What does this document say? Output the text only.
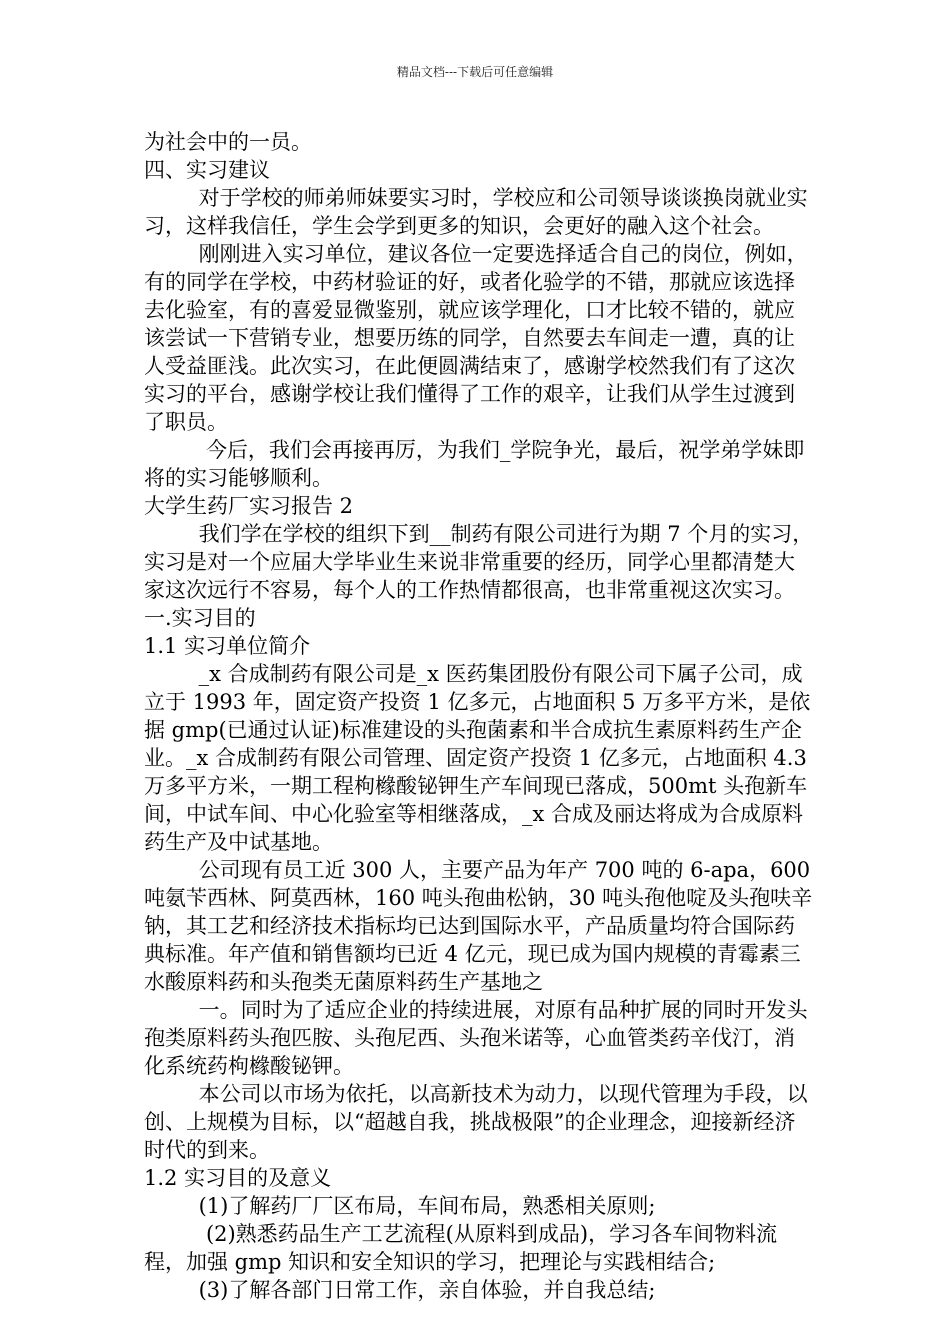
精品文档---下载后可任意编辑

为社会中的一员。

四、实习建议

对于学校的师弟师妹要实习时，学校应和公司领导谈谈换岗就业实习，这样我信任，学生会学到更多的知识，会更好的融入这个社会。

刚刚进入实习单位，建议各位一定要选择适合自己的岗位，例如，有的同学在学校，中药材验证的好，或者化验学的不错，那就应该选择去化验室，有的喜爱显微鉴别，就应该学理化，口才比较不错的，就应该尝试一下营销专业，想要历练的同学，自然要去车间走一遭，真的让人受益匪浅。此次实习，在此便圆满结束了，感谢学校然我们有了这次实习的平台，感谢学校让我们懂得了工作的艰辛，让我们从学生过渡到了职员。

今后，我们会再接再厉，为我们_学院争光，最后，祝学弟学妹即将的实习能够顺利。

大学生药厂实习报告 2

我们学在学校的组织下到__制药有限公司进行为期 7 个月的实习，实习是对一个应届大学毕业生来说非常重要的经历，同学心里都清楚大家这次远行不容易，每个人的工作热情都很高，也非常重视这次实习。

一.实习目的

1.1 实习单位简介

_x 合成制药有限公司是_x 医药集团股份有限公司下属子公司，成立于 1993 年，固定资产投资 1 亿多元，占地面积 5 万多平方米，是依据 gmp(已通过认证)标准建设的头孢菌素和半合成抗生素原料药生产企业。_x 合成制药有限公司管理、固定资产投资 1 亿多元，占地面积 4.3 万多平方米，一期工程枸橼酸铋钾生产车间现已落成，500mt 头孢新车间，中试车间、中心化验室等相继落成，_x 合成及丽达将成为合成原料药生产及中试基地。

公司现有员工近 300 人，主要产品为年产 700 吨的 6-apa，600 吨氨苄西林、阿莫西林，160 吨头孢曲松钠，30 吨头孢他啶及头孢呋辛钠，其工艺和经济技术指标均已达到国际水平，产品质量均符合国际药典标准。年产值和销售额均已近 4 亿元，现已成为国内规模的青霉素三水酸原料药和头孢类无菌原料药生产基地之

一。同时为了适应企业的持续进展，对原有品种扩展的同时开发头孢类原料药头孢匹胺、头孢尼西、头孢米诺等，心血管类药辛伐汀，消化系统药枸橼酸铋钾。

本公司以市场为依托，以高新技术为动力，以现代管理为手段，以创、上规模为目标，以“超越自我，挑战极限”的企业理念，迎接新经济时代的到来。

1.2 实习目的及意义

(1)了解药厂厂区布局，车间布局，熟悉相关原则;

(2)熟悉药品生产工艺流程(从原料到成品)，学习各车间物料流程，加强 gmp 知识和安全知识的学习，把理论与实践相结合;

(3)了解各部门日常工作，亲自体验，并自我总结;
